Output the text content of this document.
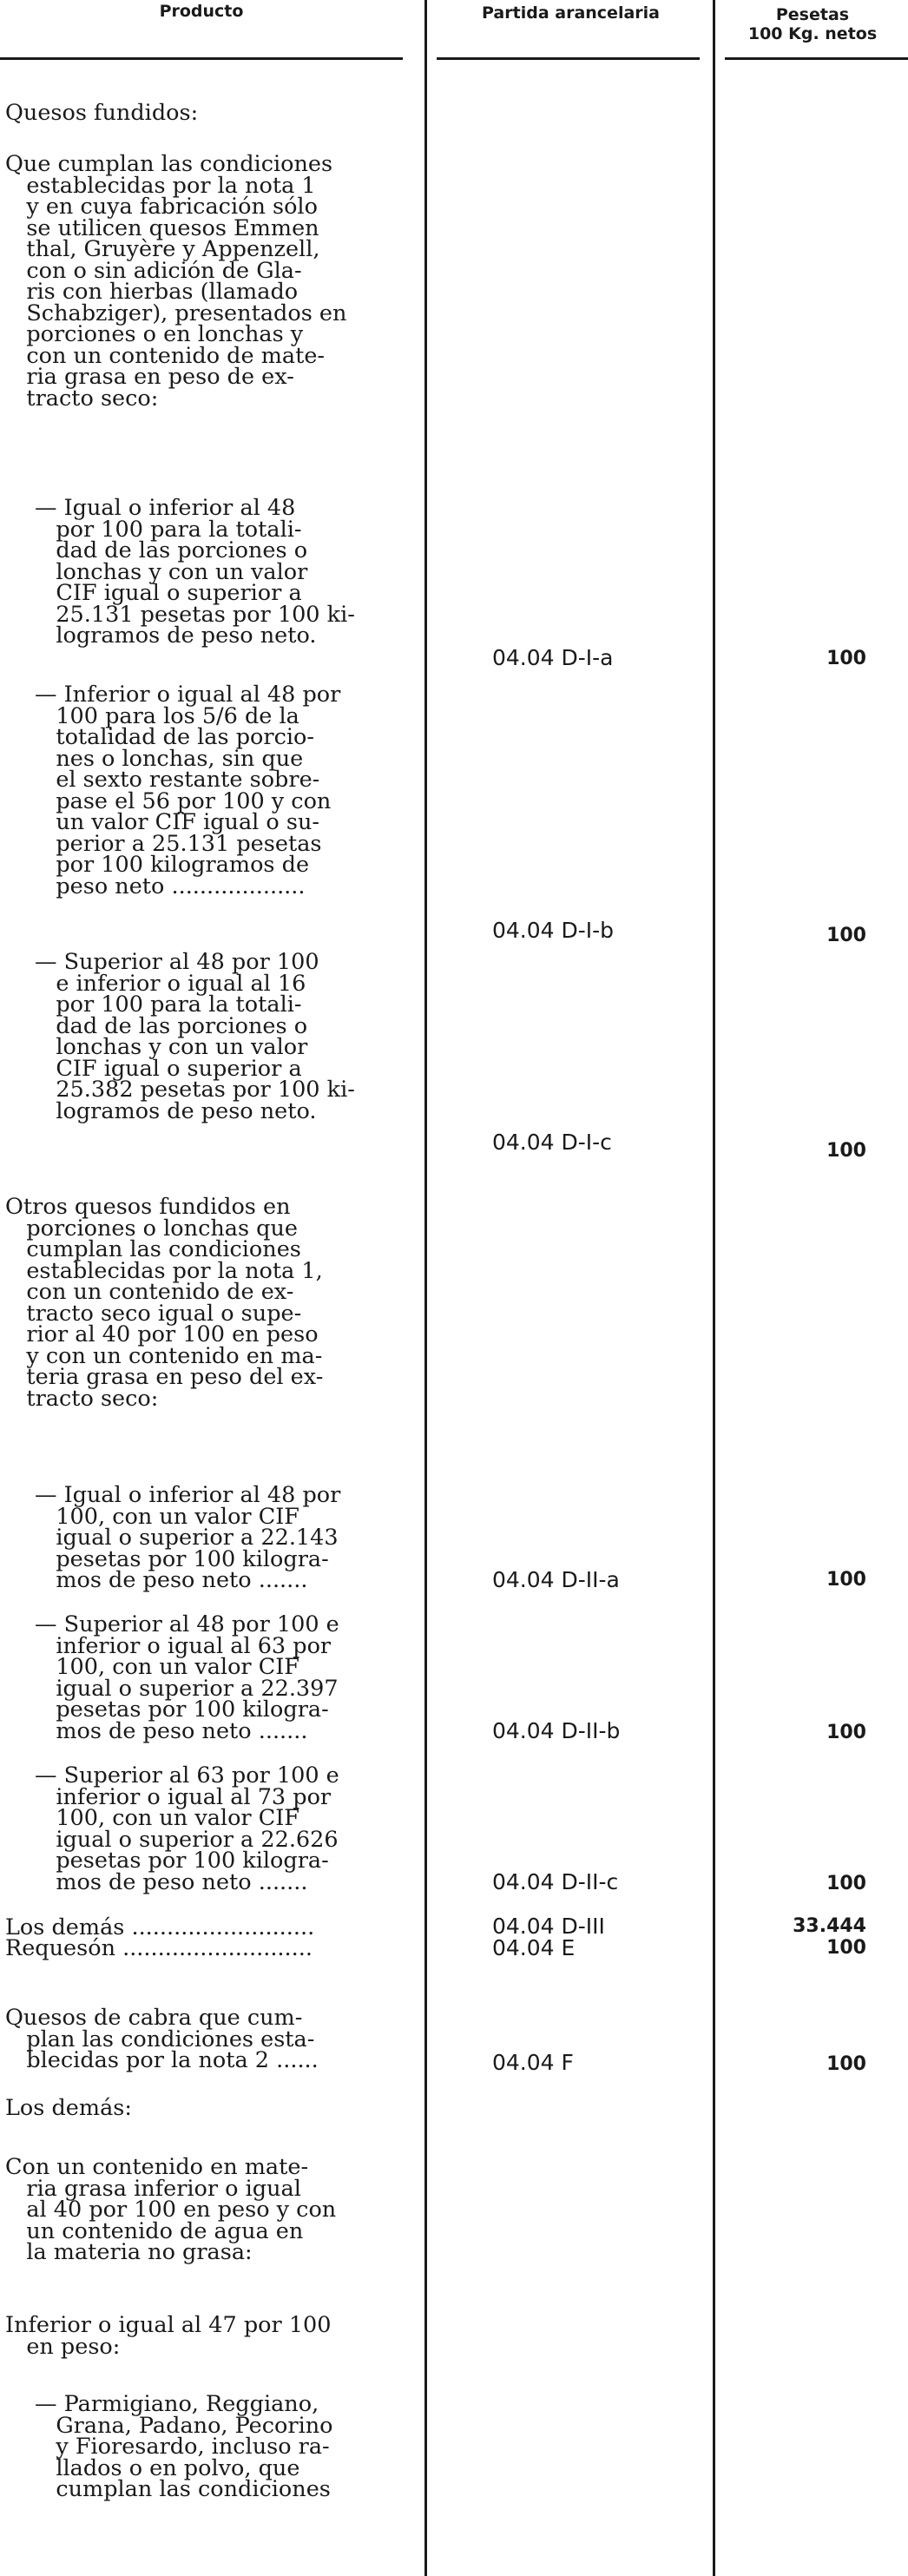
Producto	Partida arancelaria	Pesetas
100 Kg. netos
Quesos fundidos:
Que cumplan las condiciones
establecidas por la nota 1
y en cuya fabricación sólo
se utilicen quesos Emmen
thal, Gruyère y Appenzell,
con o sin adición de Gla-
ris con hierbas (llamado
Schabziger), presentados en
porciones o en lonchas y
con un contenido de mate-
ria grasa en peso de ex-
tracto seco:
— Igual o inferior al 48
por 100 para la totali-
dad de las porciones o
lonchas y con un valor
CIF igual o superior a
25.131 pesetas por 100 ki-
logramos de peso neto.
— Inferior o igual al 48 por
100 para los 5/6 de la
totalidad de las porcio-
nes o lonchas, sin que
el sexto restante sobre-
pase el 56 por 100 y con
un valor CIF igual o su-
perior a 25.131 pesetas
por 100 kilogramos de
peso neto ...................
— Superior al 48 por 100
e inferior o igual al 16
por 100 para la totali-
dad de las porciones o
lonchas y con un valor
CIF igual o superior a
25.382 pesetas por 100 ki-
logramos de peso neto.
Otros quesos fundidos en
porciones o lonchas que
cumplan las condiciones
establecidas por la nota 1,
con un contenido de ex-
tracto seco igual o supe-
rior al 40 por 100 en peso
y con un contenido en ma-
teria grasa en peso del ex-
tracto seco:
— Igual o inferior al 48 por
100, con un valor CIF
igual o superior a 22.143
pesetas por 100 kilogra-
mos de peso neto .......
— Superior al 48 por 100 e
inferior o igual al 63 por
100, con un valor CIF
igual o superior a 22.397
pesetas por 100 kilogra-
mos de peso neto .......
— Superior al 63 por 100 e
inferior o igual al 73 por
100, con un valor CIF
igual o superior a 22.626
pesetas por 100 kilogra-
mos de peso neto .......
Los demás ..........................
Requesón ...........................
Quesos de cabra que cum-
plan las condiciones esta-
blecidas por la nota 2 ......
Los demás:
Con un contenido en mate-
ria grasa inferior o igual
al 40 por 100 en peso y con
un contenido de agua en
la materia no grasa:
Inferior o igual al 47 por 100
en peso:
— Parmigiano, Reggiano,
Grana, Padano, Pecorino
y Fioresardo, incluso ra-
llados o en polvo, que
cumplan las condiciones
04.04 D-I-a
04.04 D-I-b
04.04 D-I-c
04.04 D-II-a
04.04 D-II-b
04.04 D-II-c
04.04 D-III
04.04 E
04.04 F
100
100
100
100
100
100
33.444
100
100
